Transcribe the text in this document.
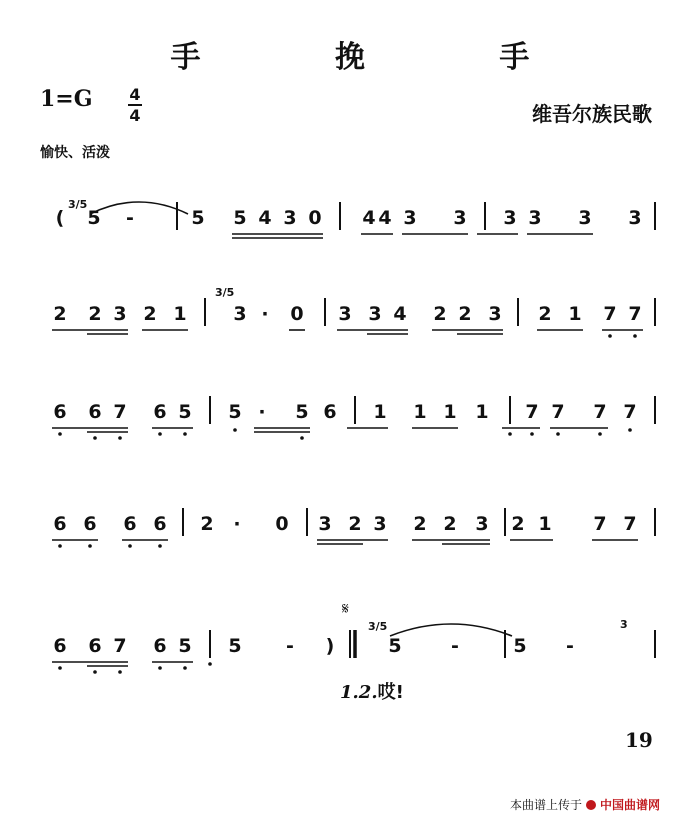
手 挽 手
1=G 4
4	维吾尔族民歌
愉快、活泼
( 5 -	5 5 4 3 0 4 4 3 3 3 3 3 3
2 2 3 2 1 3 · 0 3 3 4 2 2 3 2 1 7 7
6 6 7 6 5 5 · 5 6 1 1 1 1 7 7 7 7
6 6 6 6 2 · 0 3 2 3 2 2 3 2 1 7 7
6 6 7 6 5 5 - )	5	-	5 -
3/5
3/5
3/5	3
𝄋
1.2.哎!
19
本曲谱上传于 中国曲谱网
